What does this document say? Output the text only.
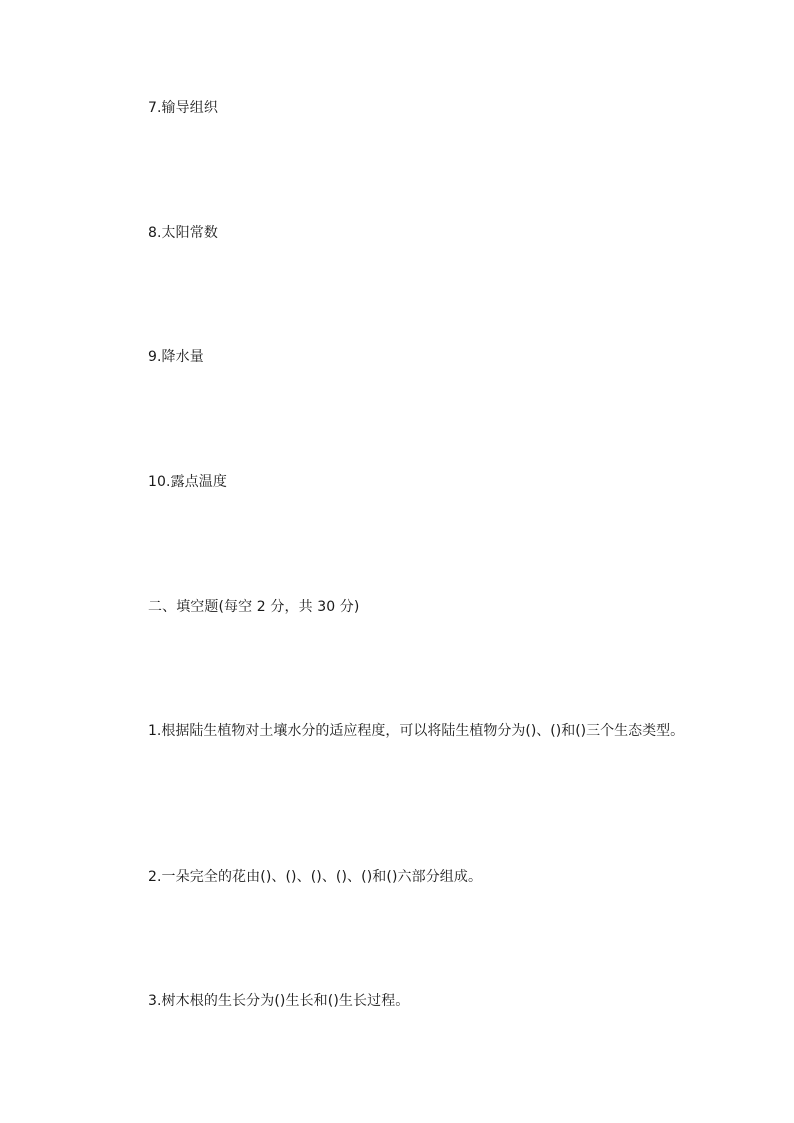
7.输导组织
8.太阳常数
9.降水量
10.露点温度
二、填空题(每空 2 分，共 30 分)
1.根据陆生植物对土壤水分的适应程度，可以将陆生植物分为()、()和()三个生态类型。
2.一朵完全的花由()、()、()、()、()和()六部分组成。
3.树木根的生长分为()生长和()生长过程。
